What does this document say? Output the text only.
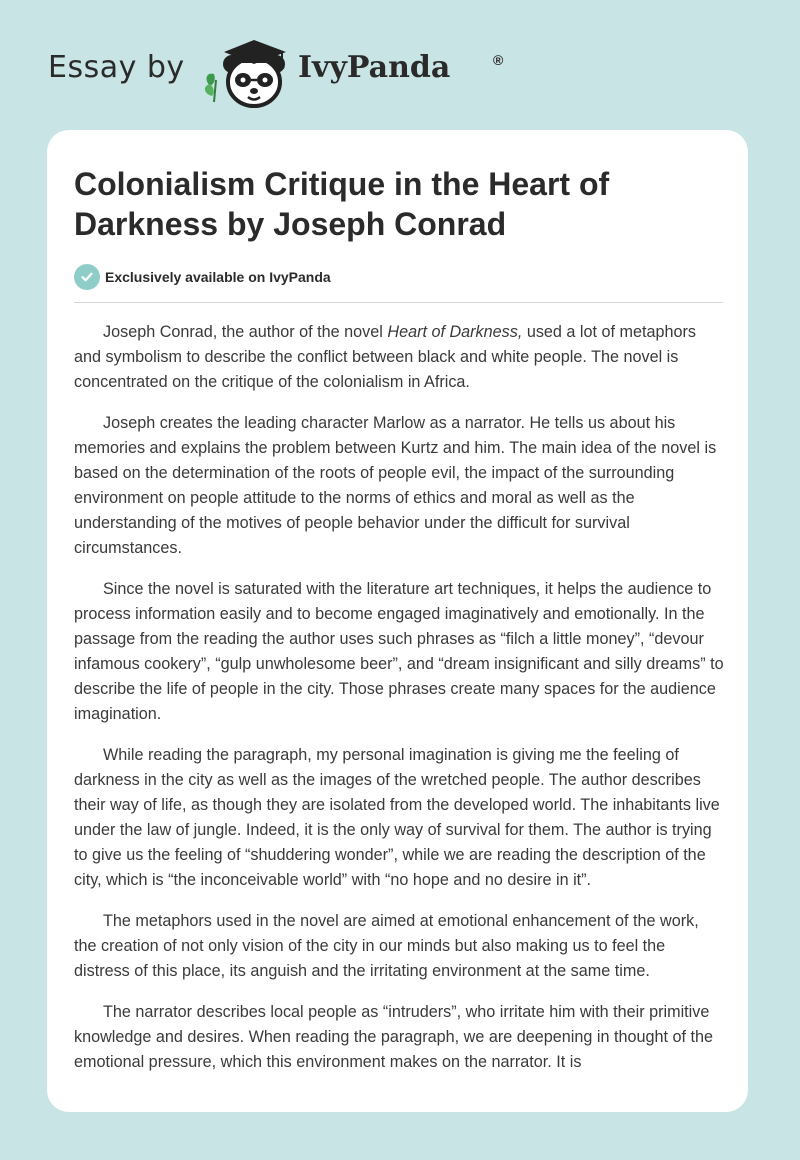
Essay by	IvyPanda	®
Colonialism Critique in the Heart of Darkness by Joseph Conrad
Exclusively available on IvyPanda

Joseph Conrad, the author of the novel Heart of Darkness, used a lot of metaphors and symbolism to describe the conflict between black and white people. The novel is concentrated on the critique of the colonialism in Africa.

Joseph creates the leading character Marlow as a narrator. He tells us about his memories and explains the problem between Kurtz and him. The main idea of the novel is based on the determination of the roots of people evil, the impact of the surrounding environment on people attitude to the norms of ethics and moral as well as the understanding of the motives of people behavior under the difficult for survival circumstances.

Since the novel is saturated with the literature art techniques, it helps the audience to process information easily and to become engaged imaginatively and emotionally. In the passage from the reading the author uses such phrases as “filch a little money”, “devour infamous cookery”, “gulp unwholesome beer”, and “dream insignificant and silly dreams” to describe the life of people in the city. Those phrases create many spaces for the audience imagination.

While reading the paragraph, my personal imagination is giving me the feeling of darkness in the city as well as the images of the wretched people. The author describes their way of life, as though they are isolated from the developed world. The inhabitants live under the law of jungle. Indeed, it is the only way of survival for them. The author is trying to give us the feeling of “shuddering wonder”, while we are reading the description of the city, which is “the inconceivable world” with “no hope and no desire in it”.

The metaphors used in the novel are aimed at emotional enhancement of the work, the creation of not only vision of the city in our minds but also making us to feel the distress of this place, its anguish and the irritating environment at the same time.

The narrator describes local people as “intruders”, who irritate him with their primitive knowledge and desires. When reading the paragraph, we are deepening in thought of the emotional pressure, which this environment makes on the narrator. It is
